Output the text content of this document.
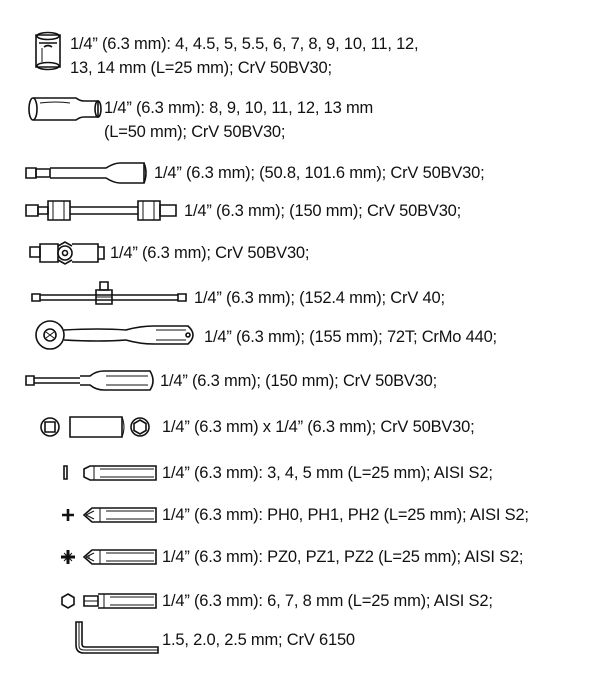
1/4” (6.3 mm): 4, 4.5, 5, 5.5, 6, 7, 8, 9, 10, 11, 12,
13, 14 mm (L=25 mm); CrV 50BV30;
1/4” (6.3 mm): 8, 9, 10, 11, 12, 13 mm
(L=50 mm); CrV 50BV30;
1/4” (6.3 mm); (50.8, 101.6 mm); CrV 50BV30;
1/4” (6.3 mm); (150 mm); CrV 50BV30;
1/4” (6.3 mm); CrV 50BV30;
1/4” (6.3 mm); (152.4 mm); CrV 40;
1/4” (6.3 mm); (155 mm); 72T; CrMo 440;
1/4” (6.3 mm); (150 mm); CrV 50BV30;
1/4” (6.3 mm) x 1/4” (6.3 mm); CrV 50BV30;
1/4” (6.3 mm): 3, 4, 5 mm (L=25 mm); AISI S2;
1/4” (6.3 mm): PH0, PH1, PH2 (L=25 mm); AISI S2;
1/4” (6.3 mm): PZ0, PZ1, PZ2 (L=25 mm); AISI S2;
1/4” (6.3 mm): 6, 7, 8 mm (L=25 mm); AISI S2;
1.5, 2.0, 2.5 mm; CrV 6150
